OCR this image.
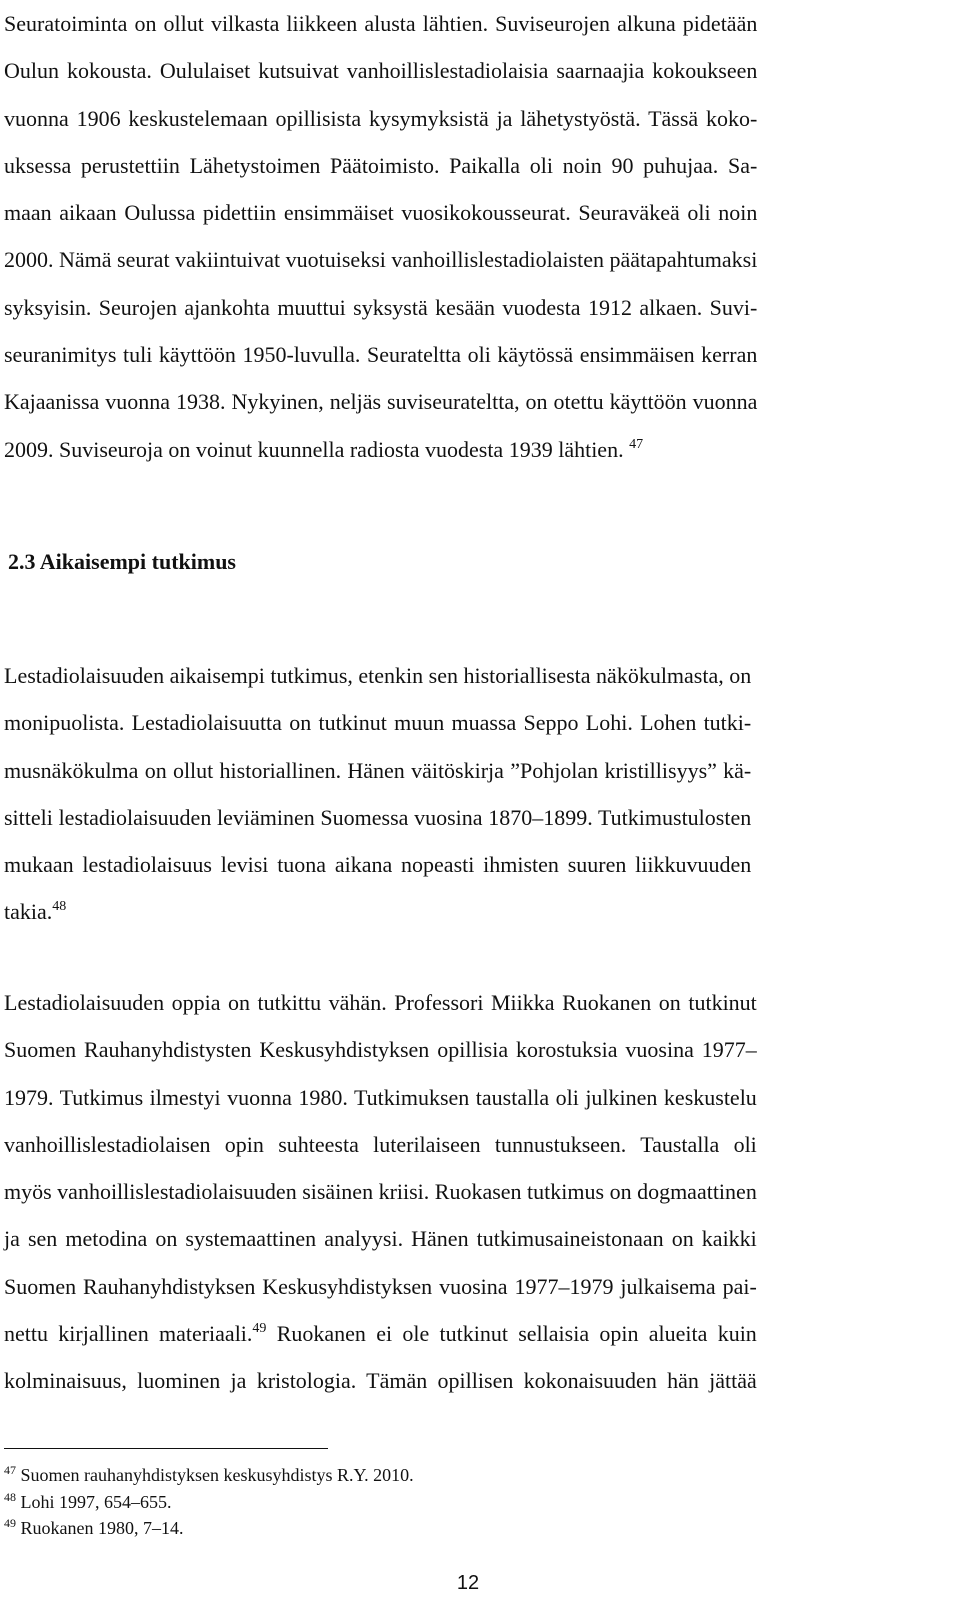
Seuratoiminta on ollut vilkasta liikkeen alusta lähtien. Suviseurojen alkuna pidetään
Oulun kokousta. Oululaiset kutsuivat vanhoillislestadiolaisia saarnaajia kokoukseen
vuonna 1906 keskustelemaan opillisista kysymyksistä ja lähetystyöstä. Tässä koko-
uksessa perustettiin Lähetystoimen Päätoimisto. Paikalla oli noin 90 puhujaa. Sa-
maan aikaan Oulussa pidettiin ensimmäiset vuosikokousseurat. Seuraväkeä oli noin
2000. Nämä seurat vakiintuivat vuotuiseksi vanhoillislestadiolaisten päätapahtumaksi
syksyisin. Seurojen ajankohta muuttui syksystä kesään vuodesta 1912 alkaen. Suvi-
seuranimitys tuli käyttöön 1950-luvulla. Seurateltta oli käytössä ensimmäisen kerran
Kajaanissa vuonna 1938. Nykyinen, neljäs suviseurateltta, on otettu käyttöön vuonna
2009. Suviseuroja on voinut kuunnella radiosta vuodesta 1939 lähtien. $^{47}$

2.3 Aikaisempi tutkimus

Lestadiolaisuuden aikaisempi tutkimus, etenkin sen historiallisesta näkökulmasta, on
monipuolista. Lestadiolaisuutta on tutkinut muun muassa Seppo Lohi. Lohen tutki-
musnäkökulma on ollut historiallinen. Hänen väitöskirja ”Pohjolan kristillisyys” kä-
sitteli lestadiolaisuuden leviäminen Suomessa vuosina 1870–1899. Tutkimustulosten
mukaan lestadiolaisuus levisi tuona aikana nopeasti ihmisten suuren liikkuvuuden
takia.$^{48}$

Lestadiolaisuuden oppia on tutkittu vähän. Professori Miikka Ruokanen on tutkinut
Suomen Rauhanyhdistysten Keskusyhdistyksen opillisia korostuksia vuosina 1977–
1979. Tutkimus ilmestyi vuonna 1980. Tutkimuksen taustalla oli julkinen keskustelu
vanhoillislestadiolaisen opin suhteesta luterilaiseen tunnustukseen. Taustalla oli
myös vanhoillislestadiolaisuuden sisäinen kriisi. Ruokasen tutkimus on dogmaattinen
ja sen metodina on systemaattinen analyysi. Hänen tutkimusaineistonaan on kaikki
Suomen Rauhanyhdistyksen Keskusyhdistyksen vuosina 1977–1979 julkaisema pai-
nettu kirjallinen materiaali.$^{49}$ Ruokanen ei ole tutkinut sellaisia opin alueita kuin
kolminaisuus, luominen ja kristologia. Tämän opillisen kokonaisuuden hän jättää

$^{47}$ Suomen rauhanyhdistyksen keskusyhdistys R.Y. 2010.
$^{48}$ Lohi 1997, 654–655.
$^{49}$ Ruokanen 1980, 7–14.
12
